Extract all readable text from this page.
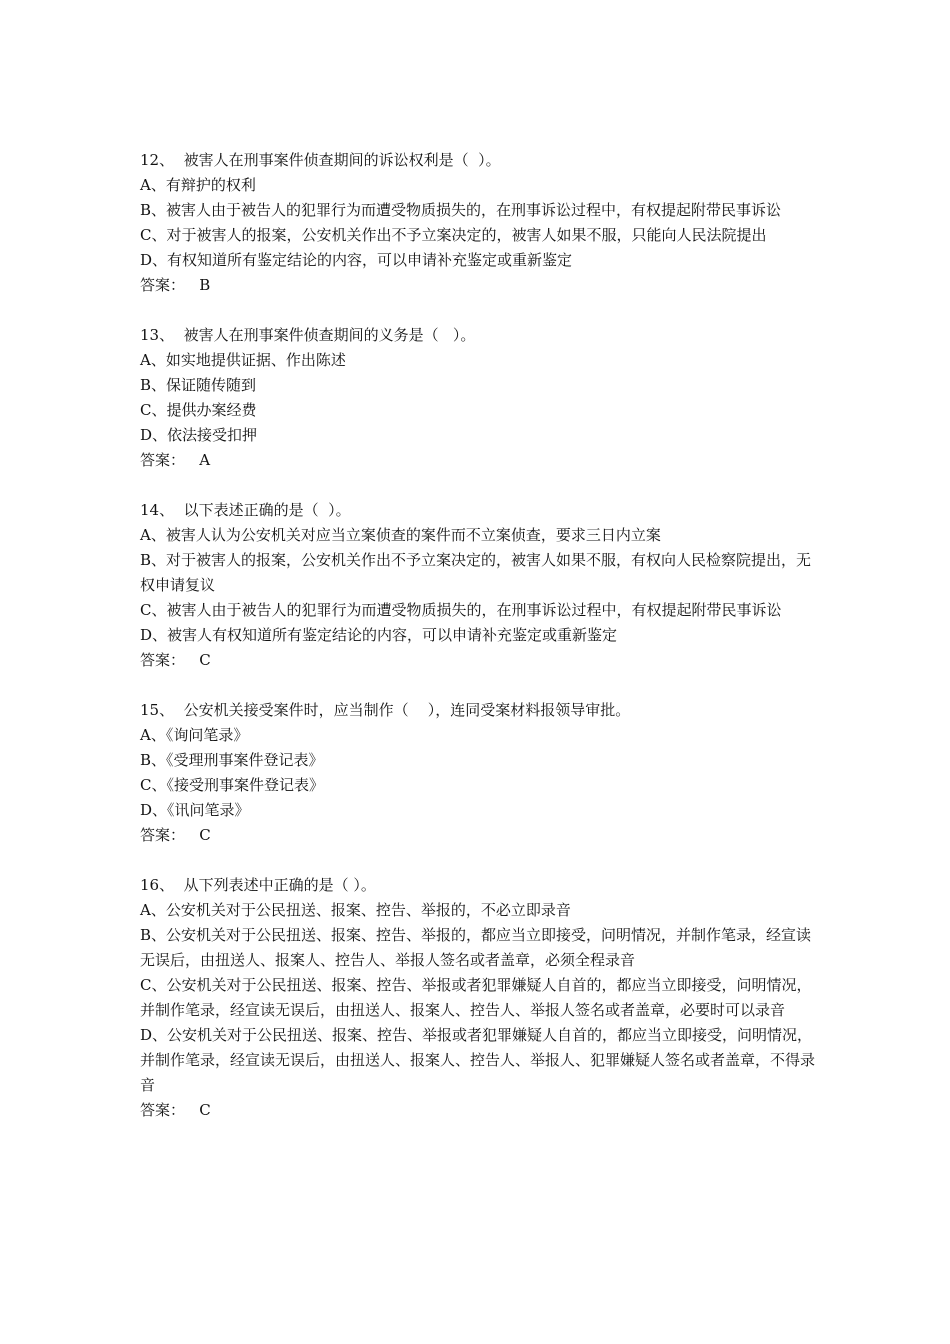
12、  被害人在刑事案件侦查期间的诉讼权利是（  ）。

A、有辩护的权利

B、被害人由于被告人的犯罪行为而遭受物质损失的，在刑事诉讼过程中，有权提起附带民事诉讼

C、对于被害人的报案，公安机关作出不予立案决定的，被害人如果不服，只能向人民法院提出

D、有权知道所有鉴定结论的内容，可以申请补充鉴定或重新鉴定

答案：   B

13、  被害人在刑事案件侦查期间的义务是（   ）。

A、如实地提供证据、作出陈述

B、保证随传随到

C、提供办案经费

D、依法接受扣押

答案：   A

14、  以下表述正确的是（  ）。

A、被害人认为公安机关对应当立案侦查的案件而不立案侦查，要求三日内立案

B、对于被害人的报案，公安机关作出不予立案决定的，被害人如果不服，有权向人民检察院提出，无权申请复议

C、被害人由于被告人的犯罪行为而遭受物质损失的，在刑事诉讼过程中，有权提起附带民事诉讼

D、被害人有权知道所有鉴定结论的内容，可以申请补充鉴定或重新鉴定

答案：   C

15、  公安机关接受案件时，应当制作（    ），连同受案材料报领导审批。

A、《询问笔录》

B、《受理刑事案件登记表》

C、《接受刑事案件登记表》

D、《讯问笔录》

答案：   C

16、  从下列表述中正确的是（ ）。

A、公安机关对于公民扭送、报案、控告、举报的，不必立即录音

B、公安机关对于公民扭送、报案、控告、举报的，都应当立即接受，问明情况，并制作笔录，经宣读无误后，由扭送人、报案人、控告人、举报人签名或者盖章，必须全程录音

C、公安机关对于公民扭送、报案、控告、举报或者犯罪嫌疑人自首的，都应当立即接受，问明情况，并制作笔录，经宣读无误后，由扭送人、报案人、控告人、举报人签名或者盖章，必要时可以录音

D、公安机关对于公民扭送、报案、控告、举报或者犯罪嫌疑人自首的，都应当立即接受，问明情况，并制作笔录，经宣读无误后，由扭送人、报案人、控告人、举报人、犯罪嫌疑人签名或者盖章，不得录音

答案：   C
